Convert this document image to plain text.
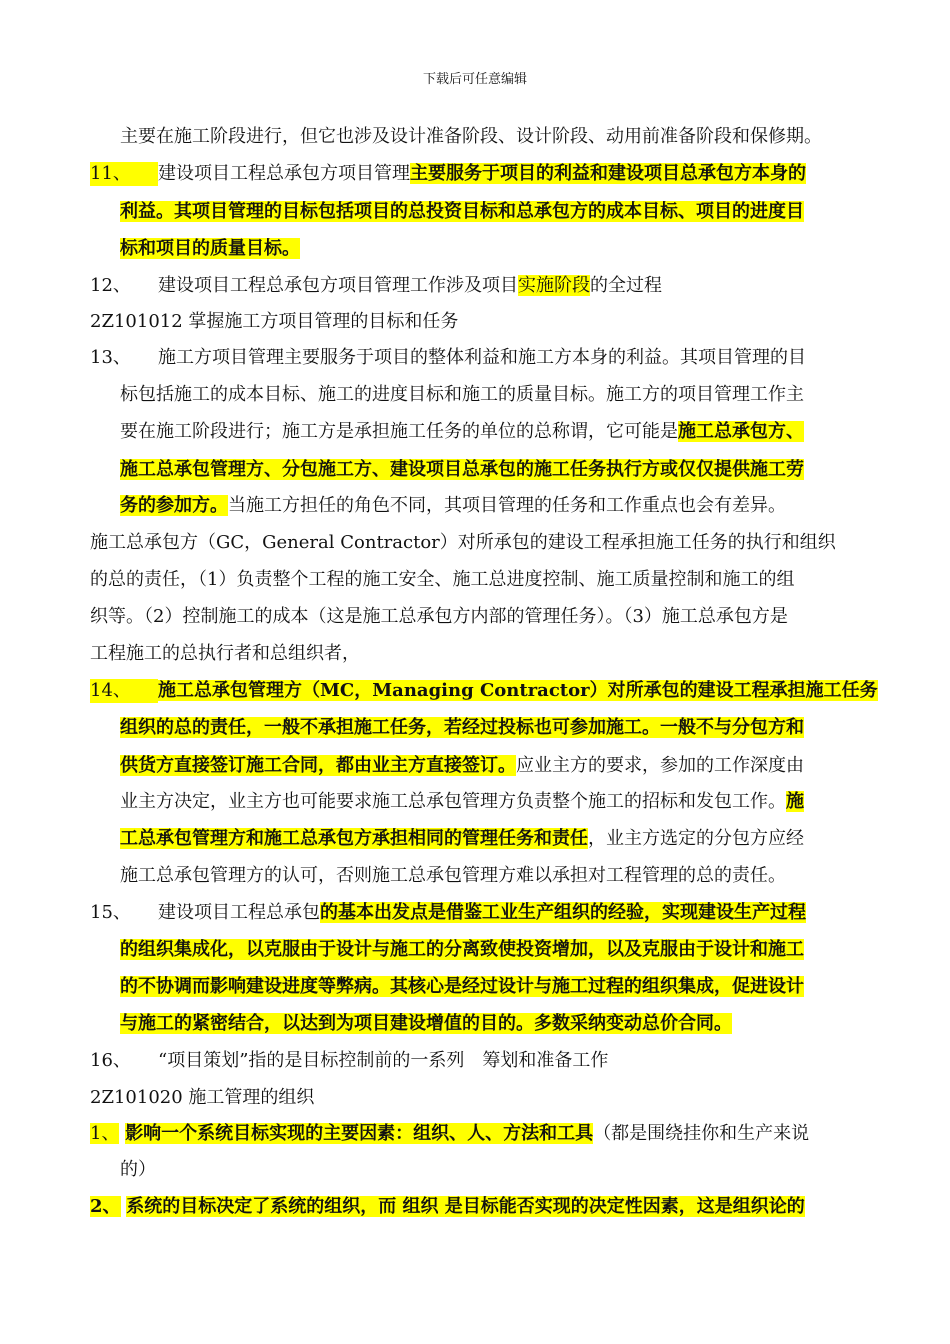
下载后可任意编辑
主要在施工阶段进行，但它也涉及设计准备阶段、设计阶段、动用前准备阶段和保修期。
11、 建设项目工程总承包方项目管理主要服务于项目的利益和建设项目总承包方本身的
利益。其项目管理的目标包括项目的总投资目标和总承包方的成本目标、项目的进度目
标和项目的质量目标。
12、 建设项目工程总承包方项目管理工作涉及项目实施阶段的全过程
2Z101012 掌握施工方项目管理的目标和任务
13、 施工方项目管理主要服务于项目的整体利益和施工方本身的利益。其项目管理的目
标包括施工的成本目标、施工的进度目标和施工的质量目标。施工方的项目管理工作主
要在施工阶段进行；施工方是承担施工任务的单位的总称谓，它可能是施工总承包方、
施工总承包管理方、分包施工方、建设项目总承包的施工任务执行方或仅仅提供施工劳
务的参加方。当施工方担任的角色不同，其项目管理的任务和工作重点也会有差异。
施工总承包方（GC，General Contractor）对所承包的建设工程承担施工任务的执行和组织
的总的责任，（1）负责整个工程的施工安全、施工总进度控制、施工质量控制和施工的组
织等。（2）控制施工的成本（这是施工总承包方内部的管理任务）。（3）施工总承包方是
工程施工的总执行者和总组织者，
14、 施工总承包管理方（MC，Managing Contractor）对所承包的建设工程承担施工任务
组织的总的责任，一般不承担施工任务，若经过投标也可参加施工。一般不与分包方和
供货方直接签订施工合同，都由业主方直接签订。应业主方的要求，参加的工作深度由
业主方决定，业主方也可能要求施工总承包管理方负责整个施工的招标和发包工作。施
工总承包管理方和施工总承包方承担相同的管理任务和责任，业主方选定的分包方应经
施工总承包管理方的认可，否则施工总承包管理方难以承担对工程管理的总的责任。
15、 建设项目工程总承包的基本出发点是借鉴工业生产组织的经验，实现建设生产过程
的组织集成化，以克服由于设计与施工的分离致使投资增加，以及克服由于设计和施工
的不协调而影响建设进度等弊病。其核心是经过设计与施工过程的组织集成，促进设计
与施工的紧密结合，以达到为项目建设增值的目的。多数采纳变动总价合同。
16、 “项目策划”指的是目标控制前的一系列　筹划和准备工作
2Z101020 施工管理的组织
1、 影响一个系统目标实现的主要因素：组织、人、方法和工具（都是围绕挂你和生产来说
的）
2、 系统的目标决定了系统的组织，而 组织 是目标能否实现的决定性因素，这是组织论的
